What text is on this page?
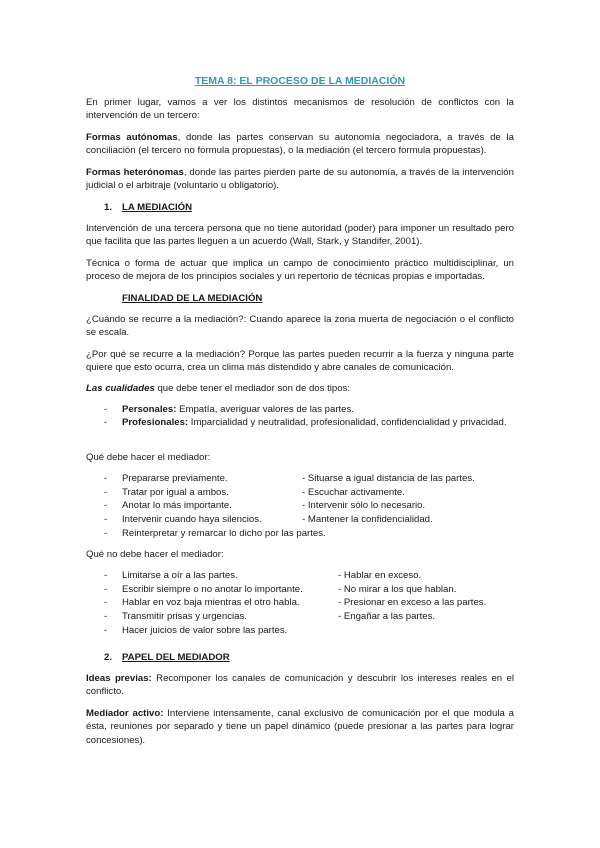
TEMA 8: EL PROCESO DE LA MEDIACIÓN

En primer lugar, vamos a ver los distintos mecanismos de resolución de conflictos con la intervención de un tercero:

Formas autónomas, donde las partes conservan su autonomía negociadora, a través de la conciliación (el tercero no formula propuestas), o la mediación (el tercero formula propuestas).

Formas heterónomas, donde las partes pierden parte de su autonomía, a través de la intervención judicial o el arbitraje (voluntario u obligatorio).

1. LA MEDIACIÓN

Intervención de una tercera persona que no tiene autoridad (poder) para imponer un resultado pero que facilita que las partes lleguen a un acuerdo (Wall, Stark, y Standifer, 2001).

Técnica o forma de actuar que implica un campo de conocimiento práctico multidisciplinar, un proceso de mejora de los principios sociales y un repertorio de técnicas propias e importadas.

FINALIDAD DE LA MEDIACIÓN

¿Cuándo se recurre a la mediación?: Cuando aparece la zona muerta de negociación o el conflicto se escala.

¿Por qué se recurre a la mediación? Porque las partes pueden recurrir a la fuerza y ninguna parte quiere que esto ocurra, crea un clima más distendido y abre canales de comunicación.

Las cualidades que debe tener el mediador son de dos tipos:

- Personales: Empatía, averiguar valores de las partes.
- Profesionales: Imparcialidad y neutralidad, profesionalidad, confidencialidad y privacidad.

Qué debe hacer el mediador:

- Prepararse previamente.	- Situarse a igual distancia de las partes.
- Tratar por igual a ambos.	- Escuchar activamente.
- Anotar lo más importante.	- Intervenir sólo lo necesario.
- Intervenir cuando haya silencios.	- Mantener la confidencialidad.
- Reinterpretar y remarcar lo dicho por las partes.

Qué no debe hacer el mediador:

- Limitarse a oír a las partes.	- Hablar en exceso.
- Escribir siempre o no anotar lo importante.	- No mirar a los que hablan.
- Hablar en voz baja mientras el otro habla.	- Presionar en exceso a las partes.
- Transmitir prisas y urgencias.	- Engañar a las partes.
- Hacer juicios de valor sobre las partes.
2. PAPEL DEL MEDIADOR

Ideas previas: Recomponer los canales de comunicación y descubrir los intereses reales en el conflicto.

Mediador activo: Interviene intensamente, canal exclusivo de comunicación por el que modula a ésta, reuniones por separado y tiene un papel dinámico (puede presionar a las partes para lograr concesiones).
